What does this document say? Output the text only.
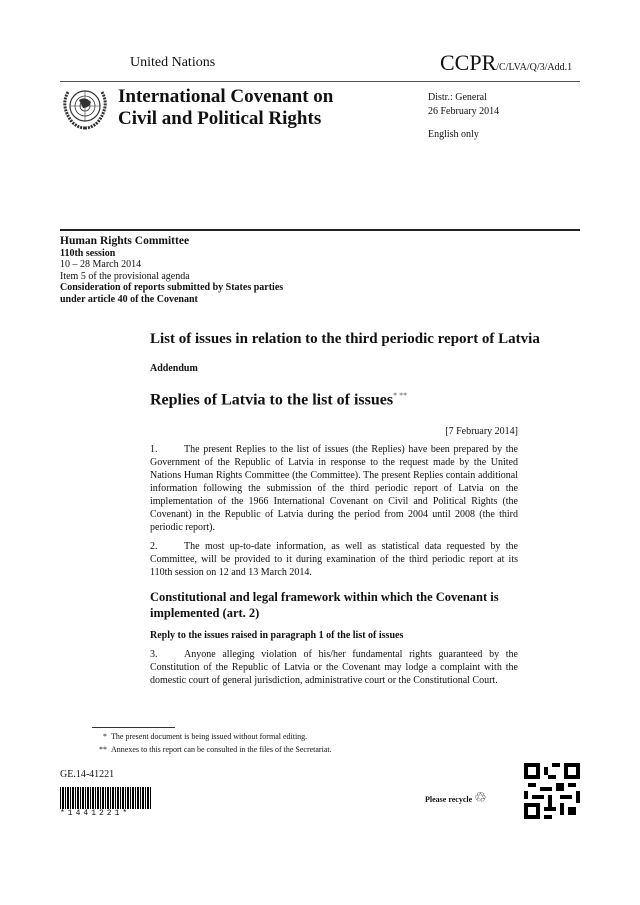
United Nations	CCPR/C/LVA/Q/3/Add.1
International Covenant on
Civil and Political Rights
Distr.: General
26 February 2014
English only
Human Rights Committee
110th session
10 – 28 March 2014
Item 5 of the provisional agenda
Consideration of reports submitted by States parties
under article 40 of the Covenant
List of issues in relation to the third periodic report of Latvia
Addendum
Replies of Latvia to the list of issues* **
[7 February 2014]

1.	The present Replies to the list of issues (the Replies) have been prepared by the Government of the Republic of Latvia in response to the request made by the United Nations Human Rights Committee (the Committee). The present Replies contain additional information following the submission of the third periodic report of Latvia on the implementation of the 1966 International Covenant on Civil and Political Rights (the Covenant) in the Republic of Latvia during the period from 2004 until 2008 (the third periodic report).

2.	The most up-to-date information, as well as statistical data requested by the Committee, will be provided to it during examination of the third periodic report at its 110th session on 12 and 13 March 2014.

Constitutional and legal framework within which the Covenant is implemented (art. 2)
Reply to the issues raised in paragraph 1 of the list of issues

3.	Anyone alleging violation of his/her fundamental rights guaranteed by the Constitution of the Republic of Latvia or the Covenant may lodge a complaint with the domestic court of general jurisdiction, administrative court or the Constitutional Court.

* The present document is being issued without formal editing.
** Annexes to this report can be consulted in the files of the Secretariat.
GE.14-41221
*1441221*
Please recycle ♲
